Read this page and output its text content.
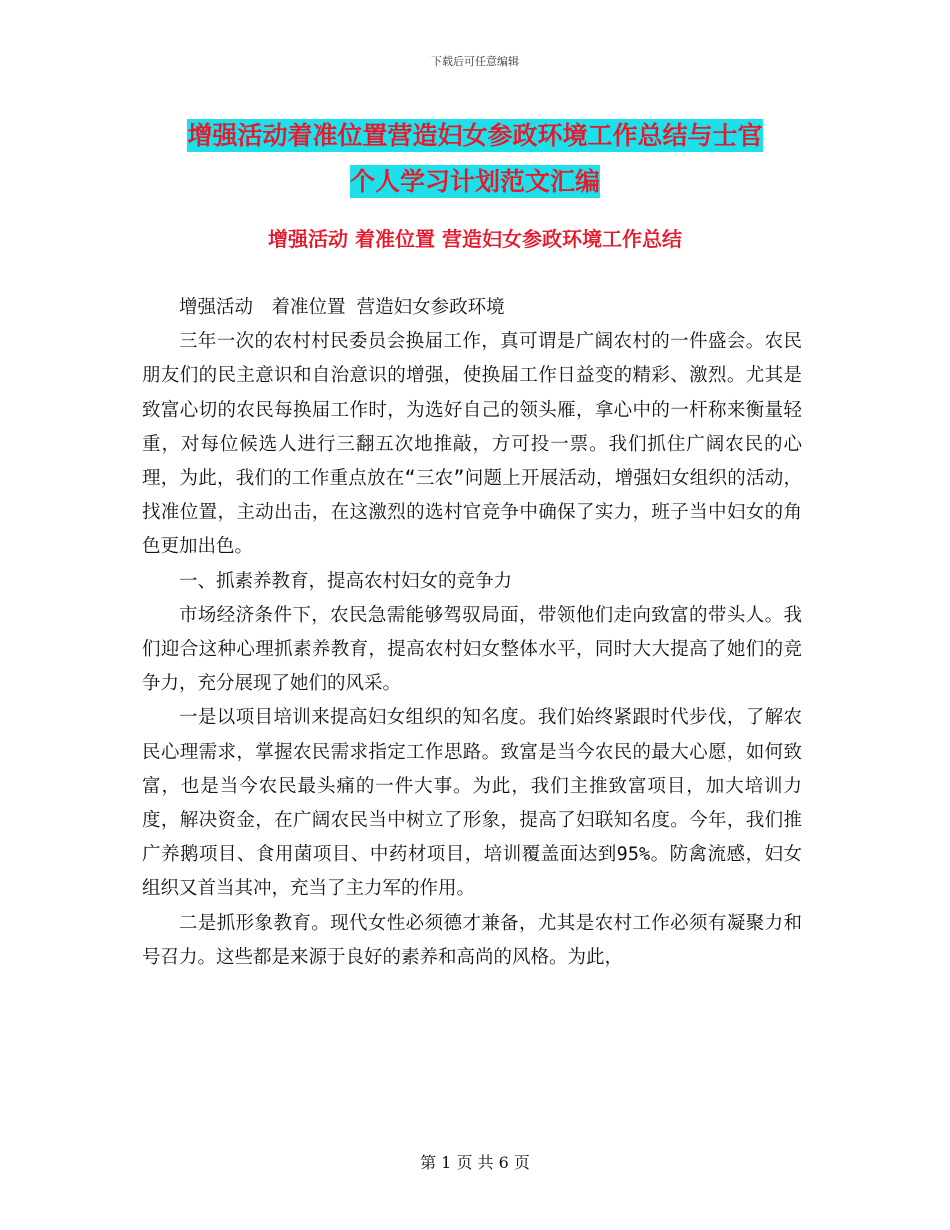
下载后可任意编辑
增强活动着准位置营造妇女参政环境工作总结与士官
个人学习计划范文汇编
增强活动 着准位置 营造妇女参政环境工作总结

增强活动　着准位置 营造妇女参政环境

三年一次的农村村民委员会换届工作，真可谓是广阔农村的一件盛会。农民朋友们的民主意识和自治意识的增强，使换届工作日益变的精彩、激烈。尤其是致富心切的农民每换届工作时，为选好自己的领头雁，拿心中的一杆称来衡量轻重，对每位候选人进行三翻五次地推敲，方可投一票。我们抓住广阔农民的心理，为此，我们的工作重点放在“三农”问题上开展活动，增强妇女组织的活动，找准位置，主动出击，在这激烈的选村官竞争中确保了实力，班子当中妇女的角色更加出色。

一、抓素养教育，提高农村妇女的竞争力

市场经济条件下，农民急需能够驾驭局面，带领他们走向致富的带头人。我们迎合这种心理抓素养教育，提高农村妇女整体水平，同时大大提高了她们的竞争力，充分展现了她们的风采。

一是以项目培训来提高妇女组织的知名度。我们始终紧跟时代步伐，了解农民心理需求，掌握农民需求指定工作思路。致富是当今农民的最大心愿，如何致富，也是当今农民最头痛的一件大事。为此，我们主推致富项目，加大培训力度，解决资金，在广阔农民当中树立了形象，提高了妇联知名度。今年，我们推广养鹅项目、食用菌项目、中药材项目，培训覆盖面达到95%。防禽流感，妇女组织又首当其冲，充当了主力军的作用。

二是抓形象教育。现代女性必须德才兼备，尤其是农村工作必须有凝聚力和号召力。这些都是来源于良好的素养和高尚的风格。为此，

第 1 页 共 6 页
